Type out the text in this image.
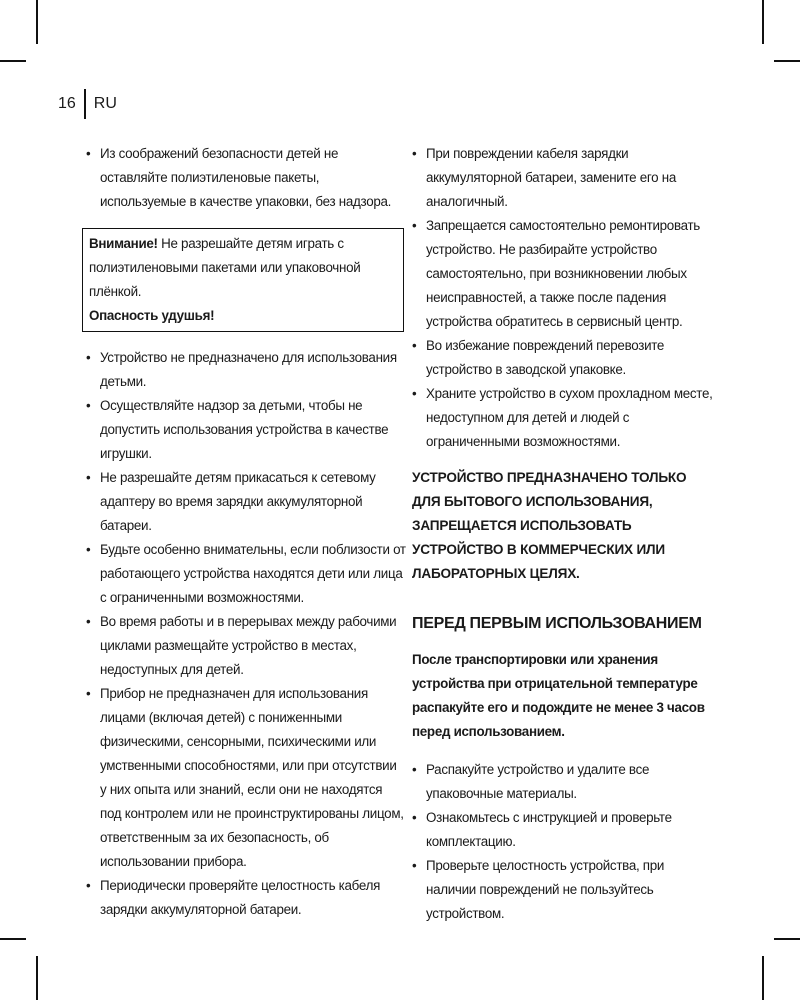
16 RU
• Из соображений безопасности детей не оставляйте полиэтиленовые пакеты, используемые в качестве упаковки, без надзора.
Внимание! Не разрешайте детям играть с полиэтиленовыми пакетами или упаковочной плёнкой.
Опасность удушья!
• Устройство не предназначено для использования детьми.
• Осуществляйте надзор за детьми, чтобы не допустить использования устройства в качестве игрушки.
• Не разрешайте детям прикасаться к сетевому адаптеру во время зарядки аккумуляторной батареи.
• Будьте особенно внимательны, если поблизости от работающего устройства находятся дети или лица с ограниченными возможностями.
• Во время работы и в перерывах между рабочими циклами размещайте устройство в местах, недоступных для детей.
• Прибор не предназначен для использования лицами (включая детей) с пониженными физическими, сенсорными, психическими или умственными способностями, или при отсутствии у них опыта или знаний, если они не находятся под контролем или не проинструктированы лицом, ответственным за их безопасность, об использовании прибора.
• Периодически проверяйте целостность кабеля зарядки аккумуляторной батареи.
• При повреждении кабеля зарядки аккумуляторной батареи, замените его на аналогичный.
• Запрещается самостоятельно ремонтировать устройство. Не разбирайте устройство самостоятельно, при возникновении любых неисправностей, а также после падения устройства обратитесь в сервисный центр.
• Во избежание повреждений перевозите устройство в заводской упаковке.
• Храните устройство в сухом прохладном месте, недоступном для детей и людей с ограниченными возможностями.

УСТРОЙСТВО ПРЕДНАЗНАЧЕНО ТОЛЬКО ДЛЯ БЫТОВОГО ИСПОЛЬЗОВАНИЯ, ЗАПРЕЩАЕТСЯ ИСПОЛЬЗОВАТЬ УСТРОЙСТВО В КОММЕРЧЕСКИХ ИЛИ ЛАБОРАТОРНЫХ ЦЕЛЯХ.

ПЕРЕД ПЕРВЫМ ИСПОЛЬЗОВАНИЕМ

После транспортировки или хранения устройства при отрицательной температуре распакуйте его и подождите не менее 3 часов перед использованием.

• Распакуйте устройство и удалите все упаковочные материалы.
• Ознакомьтесь с инструкцией и проверьте комплектацию.
• Проверьте целостность устройства, при наличии повреждений не пользуйтесь устройством.
